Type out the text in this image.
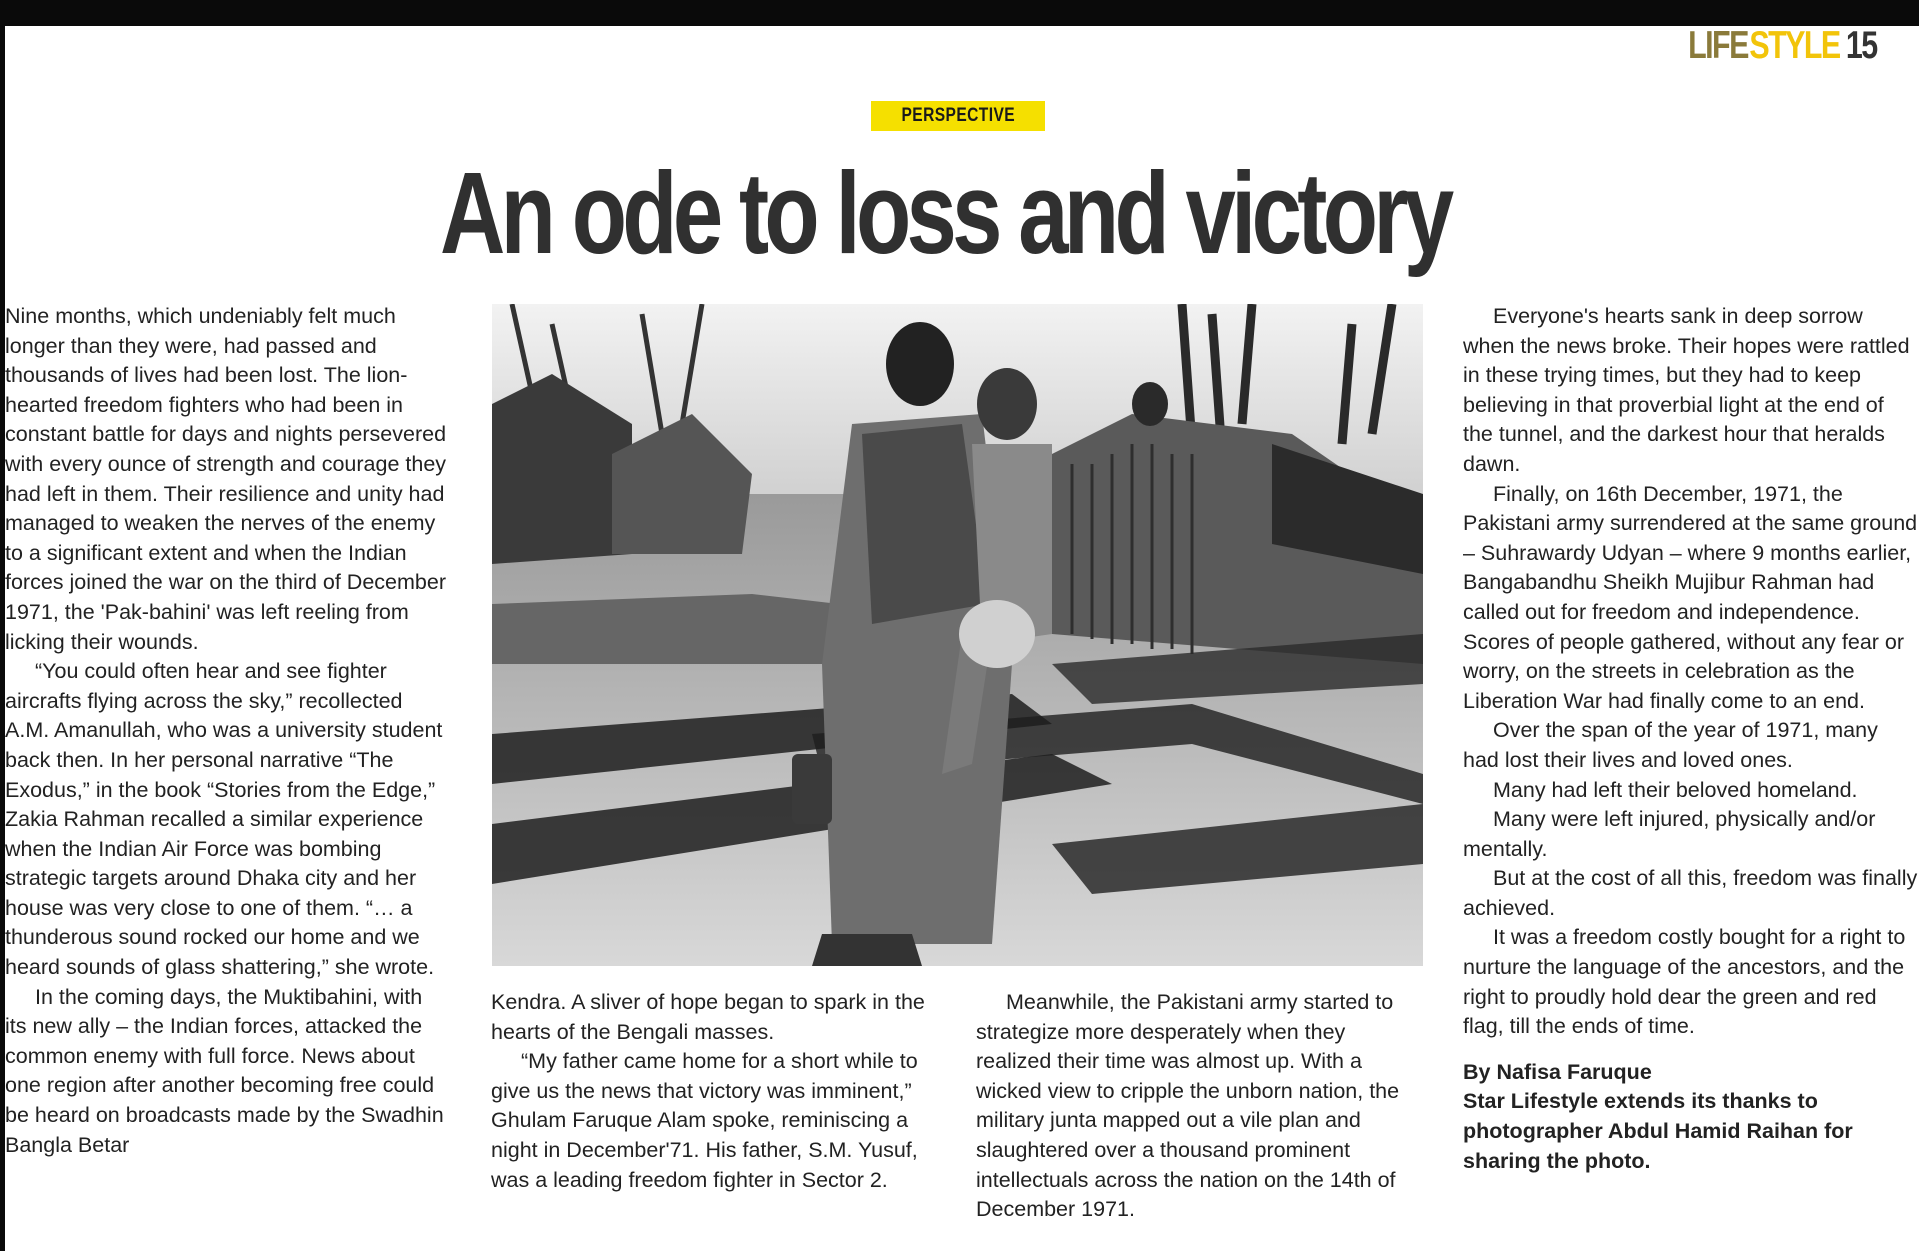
LIFE STYLE 15
PERSPECTIVE
An ode to loss and victory

Nine months, which undeniably felt much longer than they were, had passed and thousands of lives had been lost. The lion-hearted freedom fighters who had been in constant battle for days and nights persevered with every ounce of strength and courage they had left in them. Their resilience and unity had managed to weaken the nerves of the enemy to a significant extent and when the Indian forces joined the war on the third of December 1971, the 'Pak-bahini' was left reeling from licking their wounds.

“You could often hear and see fighter aircrafts flying across the sky,” recollected A.M. Amanullah, who was a university student back then. In her personal narrative “The Exodus,” in the book “Stories from the Edge,” Zakia Rahman recalled a similar experience when the Indian Air Force was bombing strategic targets around Dhaka city and her house was very close to one of them. “… a thunderous sound rocked our home and we heard sounds of glass shattering,” she wrote.

In the coming days, the Muktibahini, with its new ally – the Indian forces, attacked the common enemy with full force. News about one region after another becoming free could be heard on broadcasts made by the Swadhin Bangla Betar

Kendra. A sliver of hope began to spark in the hearts of the Bengali masses.

“My father came home for a short while to give us the news that victory was imminent,” Ghulam Faruque Alam spoke, reminiscing a night in December'71. His father, S.M. Yusuf, was a leading freedom fighter in Sector 2.

Meanwhile, the Pakistani army started to strategize more desperately when they realized their time was almost up. With a wicked view to cripple the unborn nation, the military junta mapped out a vile plan and slaughtered over a thousand prominent intellectuals across the nation on the 14th of December 1971.

Everyone's hearts sank in deep sorrow when the news broke. Their hopes were rattled in these trying times, but they had to keep believing in that proverbial light at the end of the tunnel, and the darkest hour that heralds dawn.

Finally, on 16th December, 1971, the Pakistani army surrendered at the same ground – Suhrawardy Udyan – where 9 months earlier, Bangabandhu Sheikh Mujibur Rahman had called out for freedom and independence. Scores of people gathered, without any fear or worry, on the streets in celebration as the Liberation War had finally come to an end.

Over the span of the year of 1971, many had lost their lives and loved ones.

Many had left their beloved homeland.

Many were left injured, physically and/or mentally.

But at the cost of all this, freedom was finally achieved.

It was a freedom costly bought for a right to nurture the language of the ancestors, and the right to proudly hold dear the green and red flag, till the ends of time.

By Nafisa Faruque

Star Lifestyle extends its thanks to photographer Abdul Hamid Raihan for sharing the photo.
